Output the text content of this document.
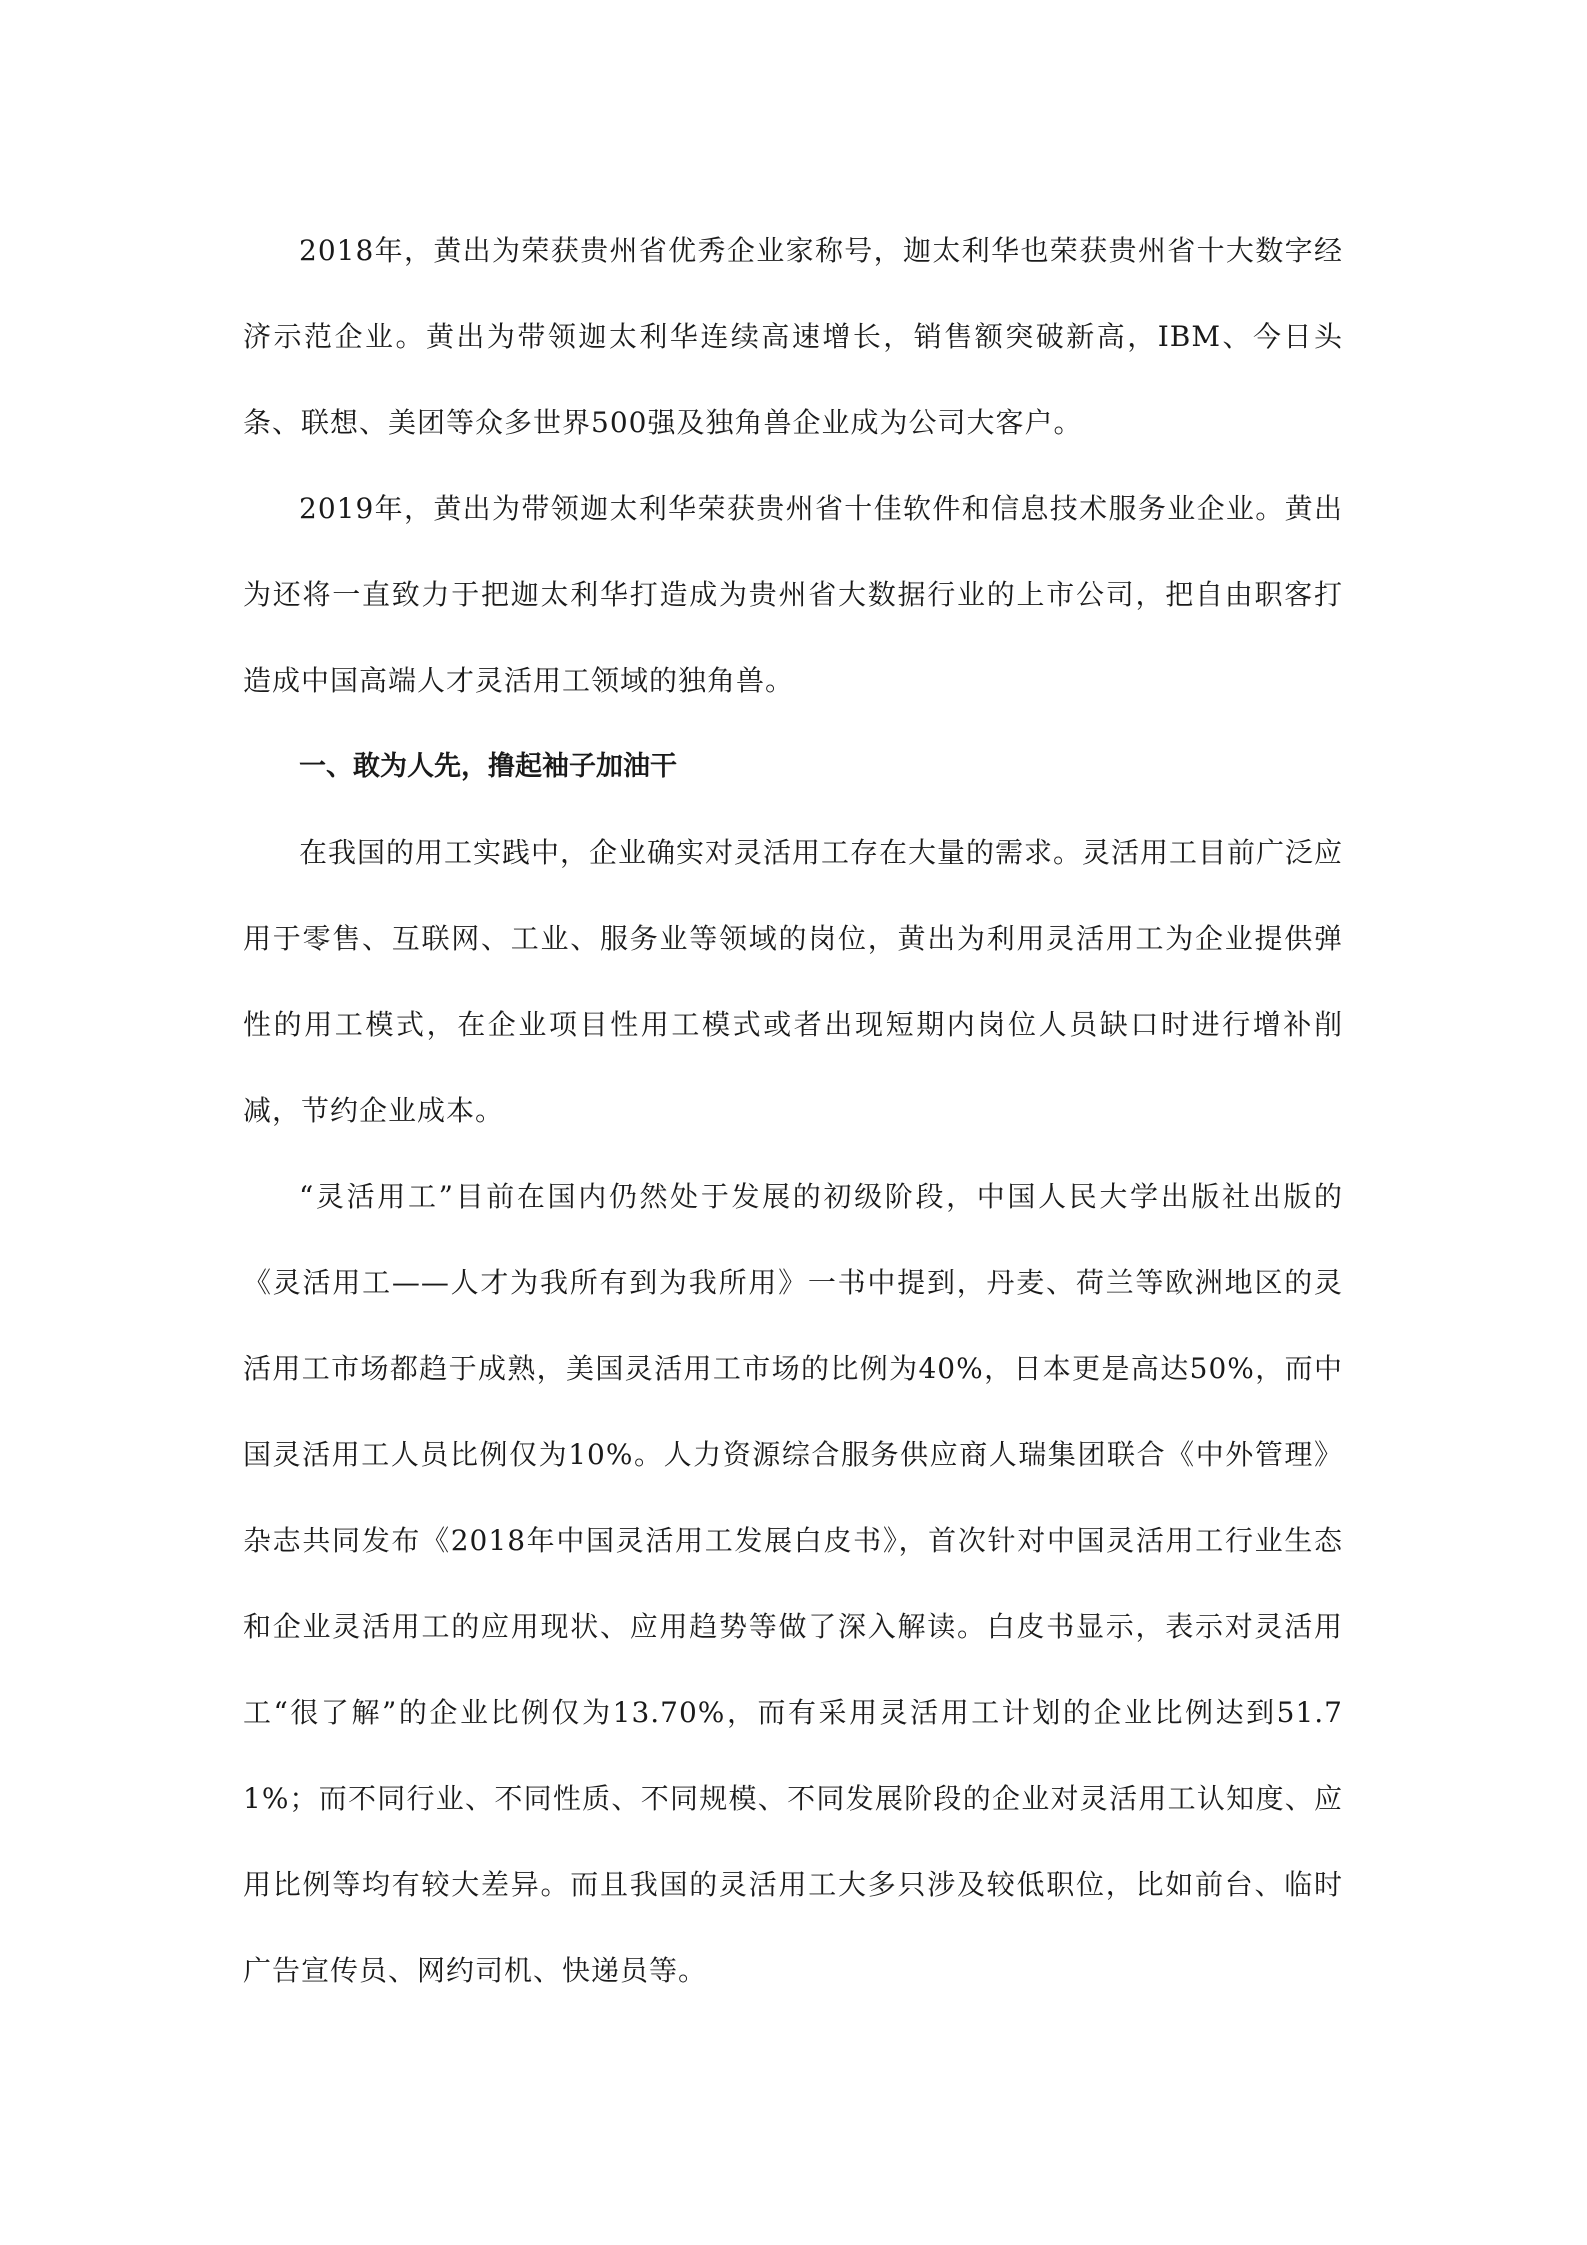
2018年，黄出为荣获贵州省优秀企业家称号，迦太利华也荣获贵州省十大数字经济示范企业。黄出为带领迦太利华连续高速增长，销售额突破新高，IBM、今日头条、联想、美团等众多世界500强及独角兽企业成为公司大客户。

2019年，黄出为带领迦太利华荣获贵州省十佳软件和信息技术服务业企业。黄出为还将一直致力于把迦太利华打造成为贵州省大数据行业的上市公司，把自由职客打造成中国高端人才灵活用工领域的独角兽。

一、敢为人先，撸起袖子加油干

在我国的用工实践中，企业确实对灵活用工存在大量的需求。灵活用工目前广泛应用于零售、互联网、工业、服务业等领域的岗位，黄出为利用灵活用工为企业提供弹性的用工模式，在企业项目性用工模式或者出现短期内岗位人员缺口时进行增补削减，节约企业成本。

“灵活用工”目前在国内仍然处于发展的初级阶段，中国人民大学出版社出版的《灵活用工——人才为我所有到为我所用》一书中提到，丹麦、荷兰等欧洲地区的灵活用工市场都趋于成熟，美国灵活用工市场的比例为40%，日本更是高达50%，而中国灵活用工人员比例仅为10%。人力资源综合服务供应商人瑞集团联合《中外管理》杂志共同发布《2018年中国灵活用工发展白皮书》，首次针对中国灵活用工行业生态和企业灵活用工的应用现状、应用趋势等做了深入解读。白皮书显示，表示对灵活用工“很了解”的企业比例仅为13.70%，而有采用灵活用工计划的企业比例达到51.71%；而不同行业、不同性质、不同规模、不同发展阶段的企业对灵活用工认知度、应用比例等均有较大差异。而且我国的灵活用工大多只涉及较低职位，比如前台、临时广告宣传员、网约司机、快递员等。
